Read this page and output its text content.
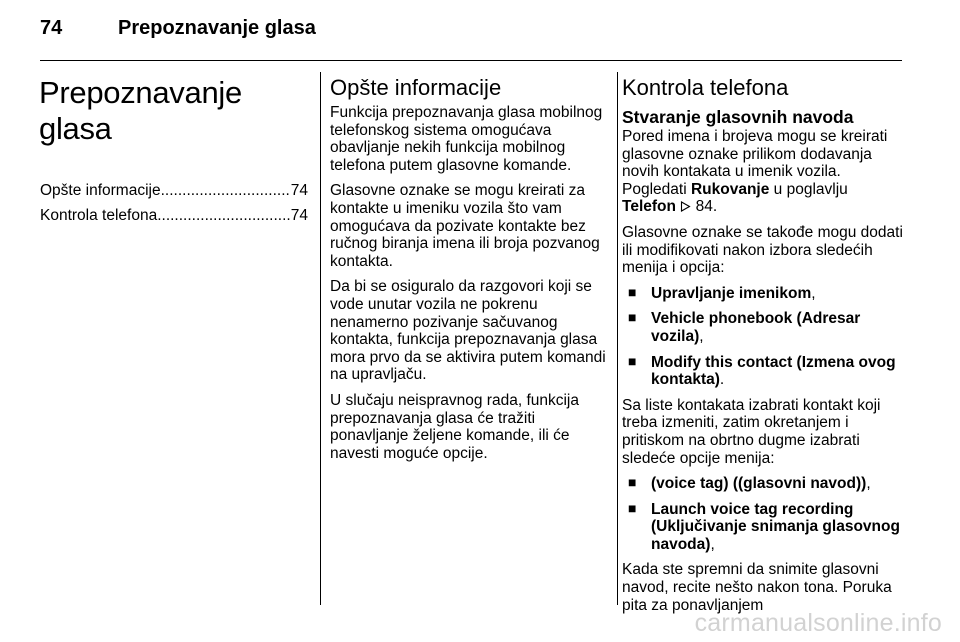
74	Prepoznavanje glasa
Prepoznavanje glasa
Opšte informacije .....	74
Kontrola telefona .....	74
Opšte informacije

Funkcija prepoznavanja glasa mobilnog telefonskog sistema omogućava obavljanje nekih funkcija mobilnog telefona putem glasovne komande.

Glasovne oznake se mogu kreirati za kontakte u imeniku vozila što vam omogućava da pozivate kontakte bez ručnog biranja imena ili broja pozvanog kontakta.

Da bi se osiguralo da razgovori koji se vode unutar vozila ne pokrenu nenamerno pozivanje sačuvanog kontakta, funkcija prepoznavanja glasa mora prvo da se aktivira putem komandi na upravljaču.

U slučaju neispravnog rada, funkcija prepoznavanja glasa će tražiti ponavljanje željene komande, ili će navesti moguće opcije.

Kontrola telefona
Stvaranje glasovnih navoda

Pored imena i brojeva mogu se kreirati glasovne oznake prilikom dodavanja novih kontakata u imenik vozila. Pogledati Rukovanje u poglavlju
Telefon 84.

Glasovne oznake se takođe mogu dodati ili modifikovati nakon izbora sledećih menija i opcija:

■ Upravljanje imenikom,
■ Vehicle phonebook (Adresar vozila),
■ Modify this contact (Izmena ovog kontakta).

Sa liste kontakata izabrati kontakt koji treba izmeniti, zatim okretanjem i pritiskom na obrtno dugme izabrati sledeće opcije menija:

■ (voice tag) ((glasovni navod)),
■ Launch voice tag recording (Uključivanje snimanja glasovnog navoda),

Kada ste spremni da snimite glasovni navod, recite nešto nakon tona. Poruka pita za ponavljanjem

carmanualsonline.info
